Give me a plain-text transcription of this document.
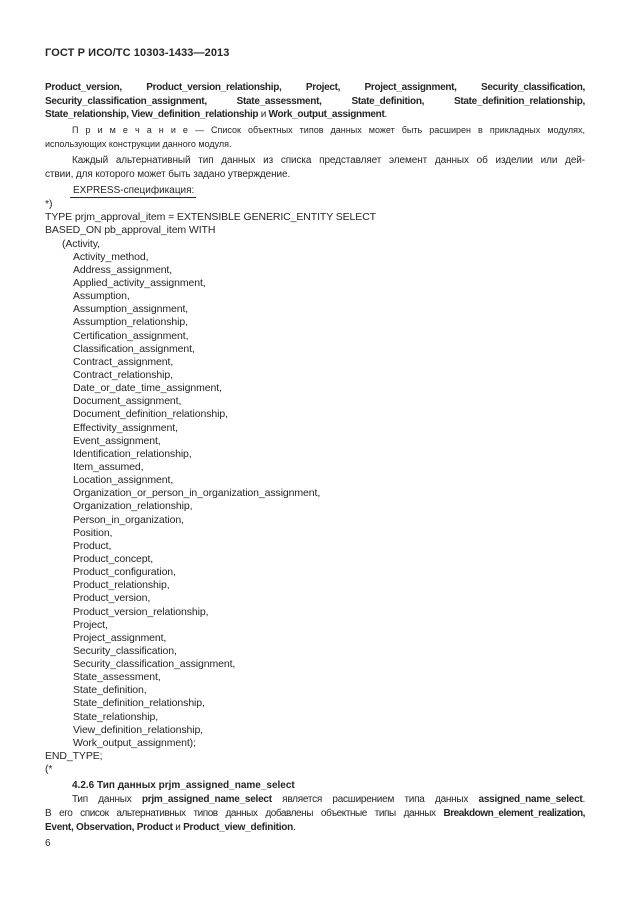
ГОСТ Р ИСО/ТС 10303-1433—2013
Product_version, Product_version_relationship, Project, Project_assignment, Security_classification,
Security_classification_assignment, State_assessment, State_definition, State_definition_relationship,
State_relationship, View_definition_relationship и Work_output_assignment.
П р и м е ч а н и е — Список объектных типов данных может быть расширен в прикладных модулях,
использующих конструкции данного модуля.
Каждый альтернативный тип данных из списка представляет элемент данных об изделии или дей-
ствии, для которого может быть задано утверждение.
EXPRESS-спецификация:
*)
TYPE prjm_approval_item = EXTENSIBLE GENERIC_ENTITY SELECT
BASED_ON pb_approval_item WITH
(Activity,
Activity_method,
Address_assignment,
Applied_activity_assignment,
Assumption,
Assumption_assignment,
Assumption_relationship,
Certification_assignment,
Classification_assignment,
Contract_assignment,
Contract_relationship,
Date_or_date_time_assignment,
Document_assignment,
Document_definition_relationship,
Effectivity_assignment,
Event_assignment,
Identification_relationship,
Item_assumed,
Location_assignment,
Organization_or_person_in_organization_assignment,
Organization_relationship,
Person_in_organization,
Position,
Product,
Product_concept,
Product_configuration,
Product_relationship,
Product_version,
Product_version_relationship,
Project,
Project_assignment,
Security_classification,
Security_classification_assignment,
State_assessment,
State_definition,
State_definition_relationship,
State_relationship,
View_definition_relationship,
Work_output_assignment);
END_TYPE;
(*
4.2.6 Тип данных prjm_assigned_name_select
Тип данных prjm_assigned_name_select является расширением типа данных assigned_name_select.
В его список альтернативных типов данных добавлены объектные типы данных Breakdown_element_realization,
Event, Observation, Product и Product_view_definition.
6
